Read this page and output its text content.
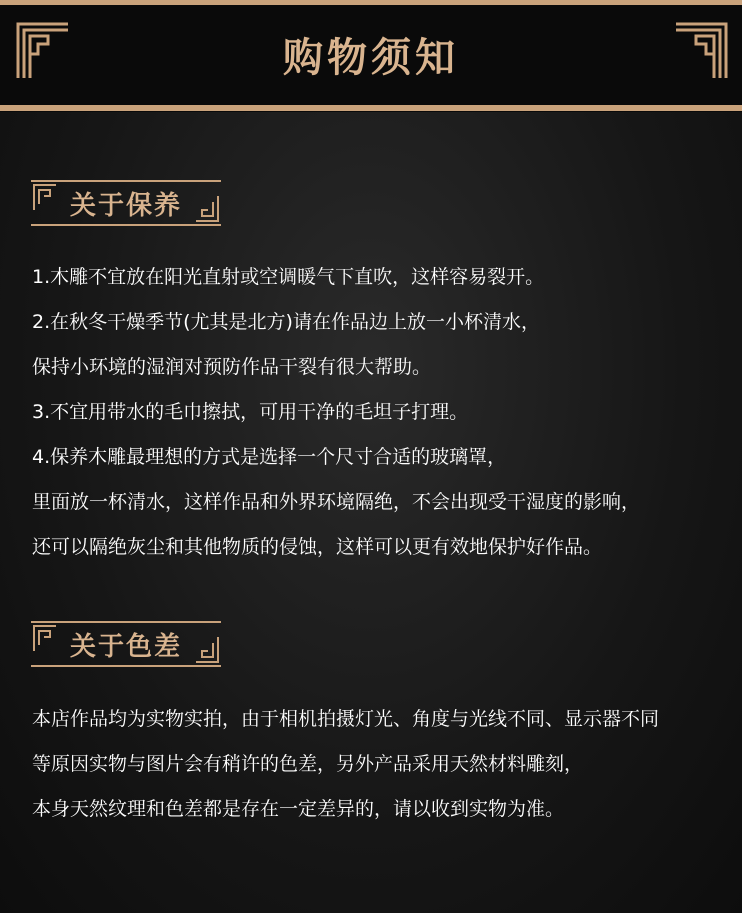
购物须知
关于保养
1.木雕不宜放在阳光直射或空调暖气下直吹，这样容易裂开。
2.在秋冬干燥季节(尤其是北方)请在作品边上放一小杯清水，
保持小环境的湿润对预防作品干裂有很大帮助。
3.不宜用带水的毛巾擦拭，可用干净的毛坦子打理。
4.保养木雕最理想的方式是选择一个尺寸合适的玻璃罩，
里面放一杯清水，这样作品和外界环境隔绝，不会出现受干湿度的影响，
还可以隔绝灰尘和其他物质的侵蚀，这样可以更有效地保护好作品。
关于色差
本店作品均为实物实拍，由于相机拍摄灯光、角度与光线不同、显示器不同
等原因实物与图片会有稍许的色差，另外产品采用天然材料雕刻，
本身天然纹理和色差都是存在一定差异的，请以收到实物为准。
